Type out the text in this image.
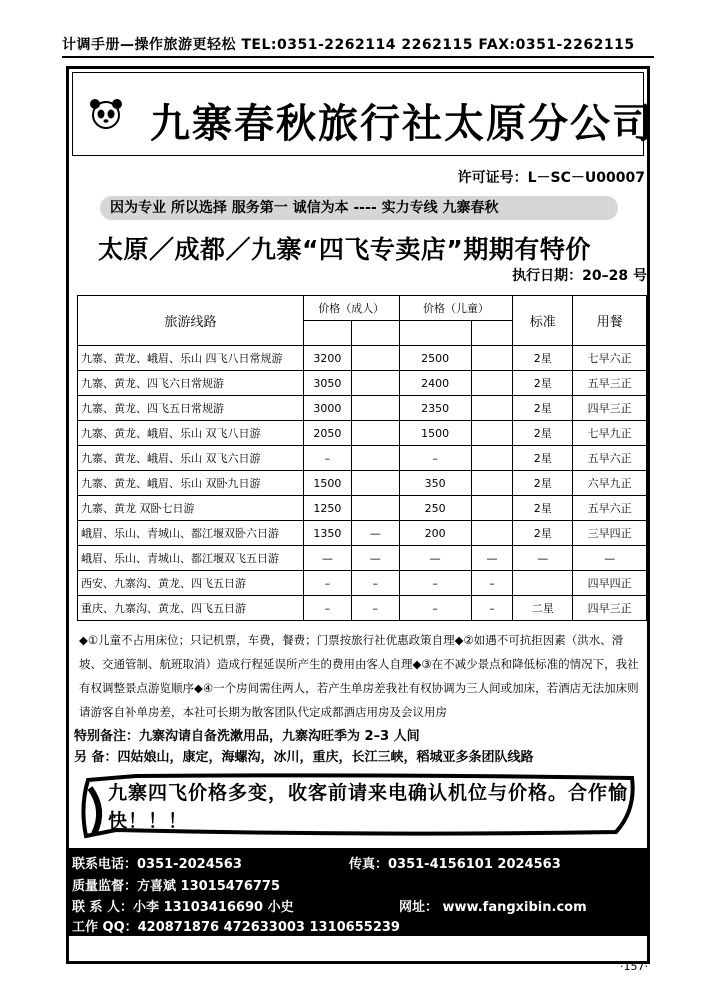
计调手册—操作旅游更轻松 TEL:0351-2262114 2262115 FAX:0351-2262115
九寨春秋旅行社太原分公司
许可证号：L－SC－U00007
因为专业 所以选择 服务第一 诚信为本 ---- 实力专线 九寨春秋
太原／成都／九寨“四飞专卖店”期期有特价
执行日期：20–28 号
旅游线路	价格（成人）		价格（儿童）		标准	用餐

九寨、黄龙、峨眉、乐山 四飞八日常规游	3200		2500		2星	七早六正
九寨、黄龙、四飞六日常规游	3050		2400		2星	五早三正
九寨、黄龙、四飞五日常规游	3000		2350		2星	四早三正
九寨、黄龙、峨眉、乐山 双飞八日游	2050		1500		2星	七早九正
九寨、黄龙、峨眉、乐山 双飞六日游	–		–		2星	五早六正
九寨、黄龙、峨眉、乐山 双卧九日游	1500		350		2星	六早九正
九寨、黄龙 双卧七日游	1250		250		2星	五早六正
峨眉、乐山、青城山、都江堰双卧六日游	1350	—	200		2星	三早四正
峨眉、乐山、青城山、都江堰双飞五日游	—	—	—	—	—	—
西安、九寨沟、黄龙、四飞五日游	–	–	–	–		四早四正
重庆、九寨沟、黄龙、四飞五日游	–	–	–	–	二星	四早三正
◆①儿童不占用床位；只记机票，车费，餐费；门票按旅行社优惠政策自理◆②如遇不可抗拒因素（洪水、滑坡、交通管制、航班取消）造成行程延误所产生的费用由客人自理◆③在不减少景点和降低标准的情况下，我社有权调整景点游览顺序◆④一个房间需住两人，若产生单房差我社有权协调为三人间或加床，若酒店无法加床则请游客自补单房差，本社可长期为散客团队代定成都酒店用房及会议用房
特别备注：九寨沟请自备洗漱用品，九寨沟旺季为 2–3 人间
另 备：四姑娘山，康定，海螺沟，冰川，重庆，长江三峡，稻城亚多条团队线路
九寨四飞价格多变，收客前请来电确认机位与价格。合作愉快！！！
联系电话：0351-2024563	传真：0351-4156101 2024563
质量监督：方喜斌 13015476775
联 系 人：小李 13103416690 小史	网址： www.fangxibin.com
工作 QQ：420871876 472633003 1310655239
·157·
